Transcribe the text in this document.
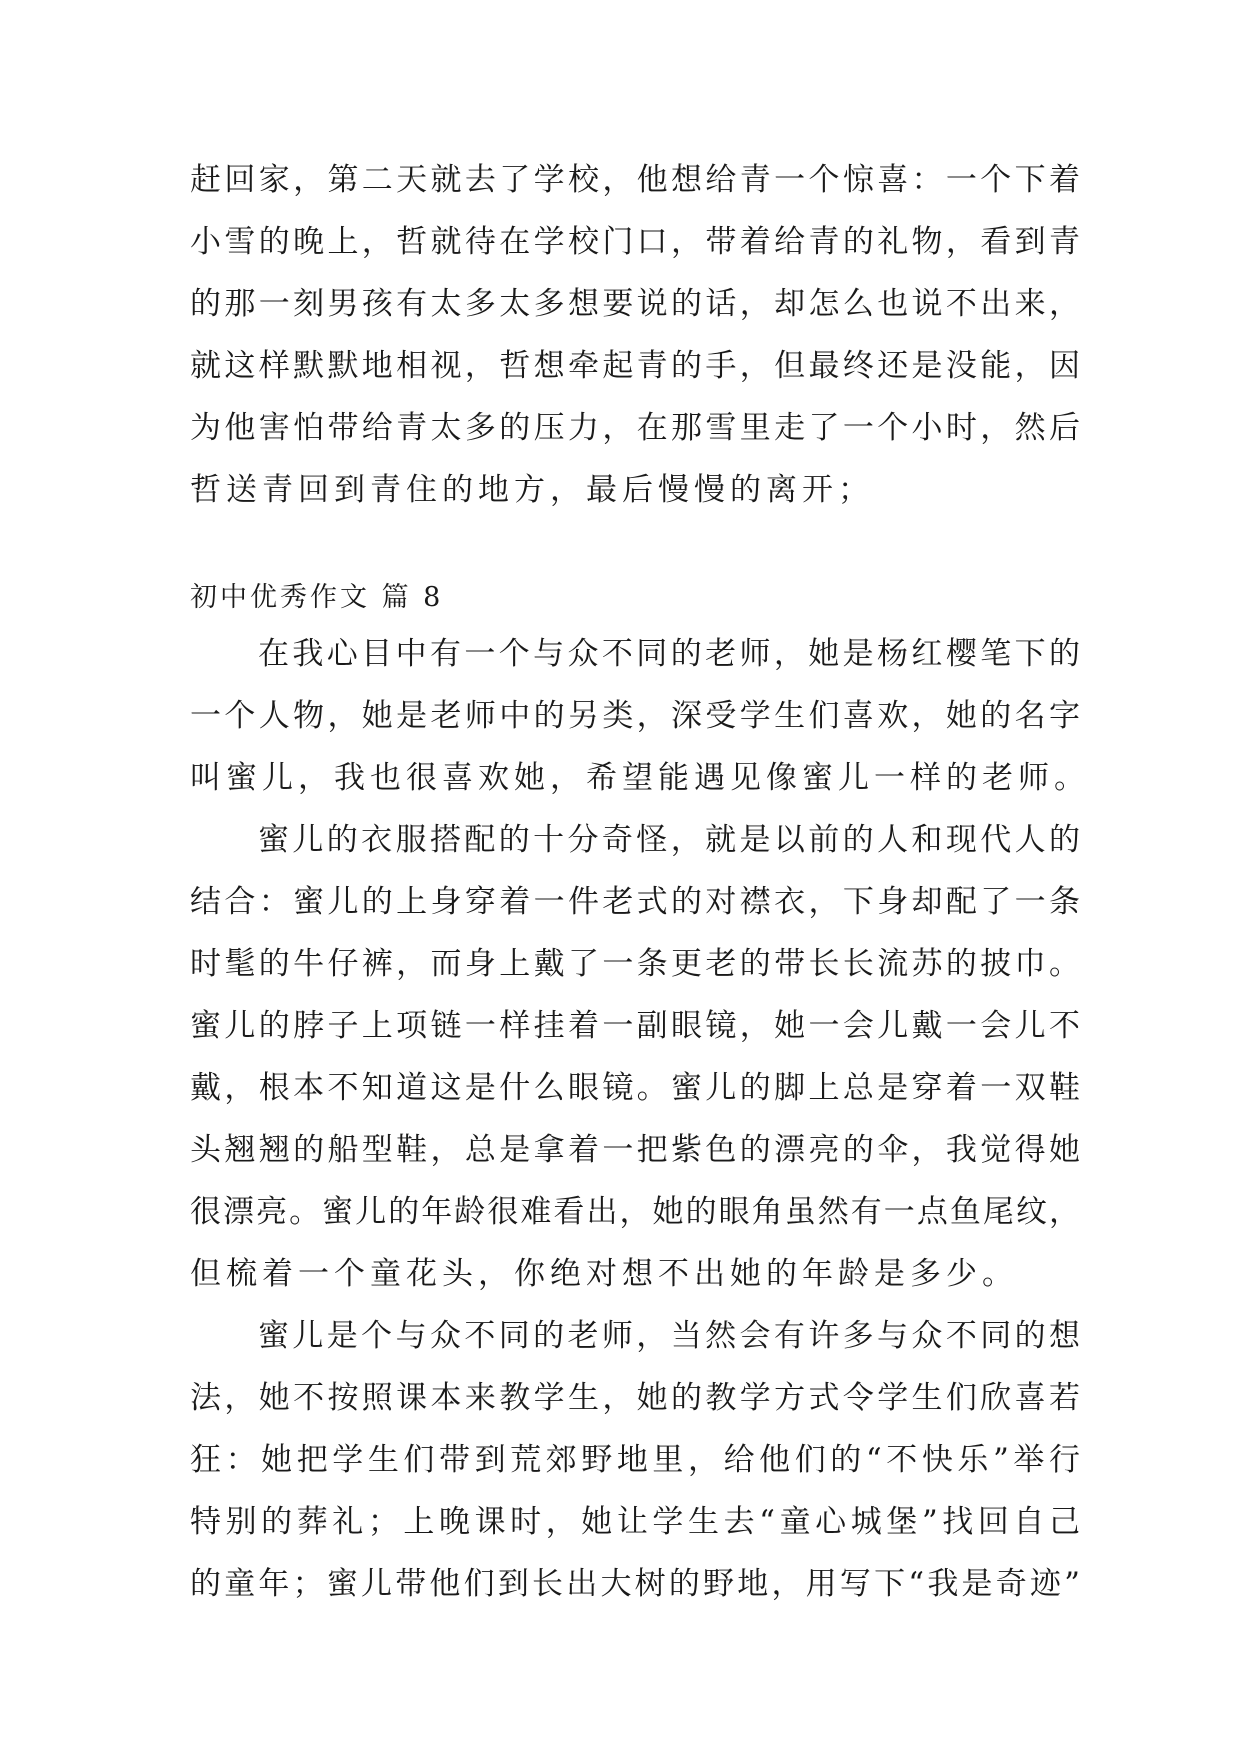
赶回家，第二天就去了学校，他想给青一个惊喜：一个下着
小雪的晚上，哲就待在学校门口，带着给青的礼物，看到青
的那一刻男孩有太多太多想要说的话，却怎么也说不出来，
就这样默默地相视，哲想牵起青的手，但最终还是没能，因
为他害怕带给青太多的压力，在那雪里走了一个小时，然后
哲送青回到青住的地方，最后慢慢的离开；
初中优秀作文 篇 8
在我心目中有一个与众不同的老师，她是杨红樱笔下的
一个人物，她是老师中的另类，深受学生们喜欢，她的名字
叫蜜儿，我也很喜欢她，希望能遇见像蜜儿一样的老师。
蜜儿的衣服搭配的十分奇怪，就是以前的人和现代人的
结合：蜜儿的上身穿着一件老式的对襟衣，下身却配了一条
时髦的牛仔裤，而身上戴了一条更老的带长长流苏的披巾。
蜜儿的脖子上项链一样挂着一副眼镜，她一会儿戴一会儿不
戴，根本不知道这是什么眼镜。蜜儿的脚上总是穿着一双鞋
头翘翘的船型鞋，总是拿着一把紫色的漂亮的伞，我觉得她
很漂亮。蜜儿的年龄很难看出，她的眼角虽然有一点鱼尾纹，
但梳着一个童花头，你绝对想不出她的年龄是多少。
蜜儿是个与众不同的老师，当然会有许多与众不同的想
法，她不按照课本来教学生，她的教学方式令学生们欣喜若
狂：她把学生们带到荒郊野地里，给他们的“不快乐”举行
特别的葬礼；上晚课时，她让学生去“童心城堡”找回自己
的童年；蜜儿带他们到长出大树的野地，用写下“我是奇迹”
